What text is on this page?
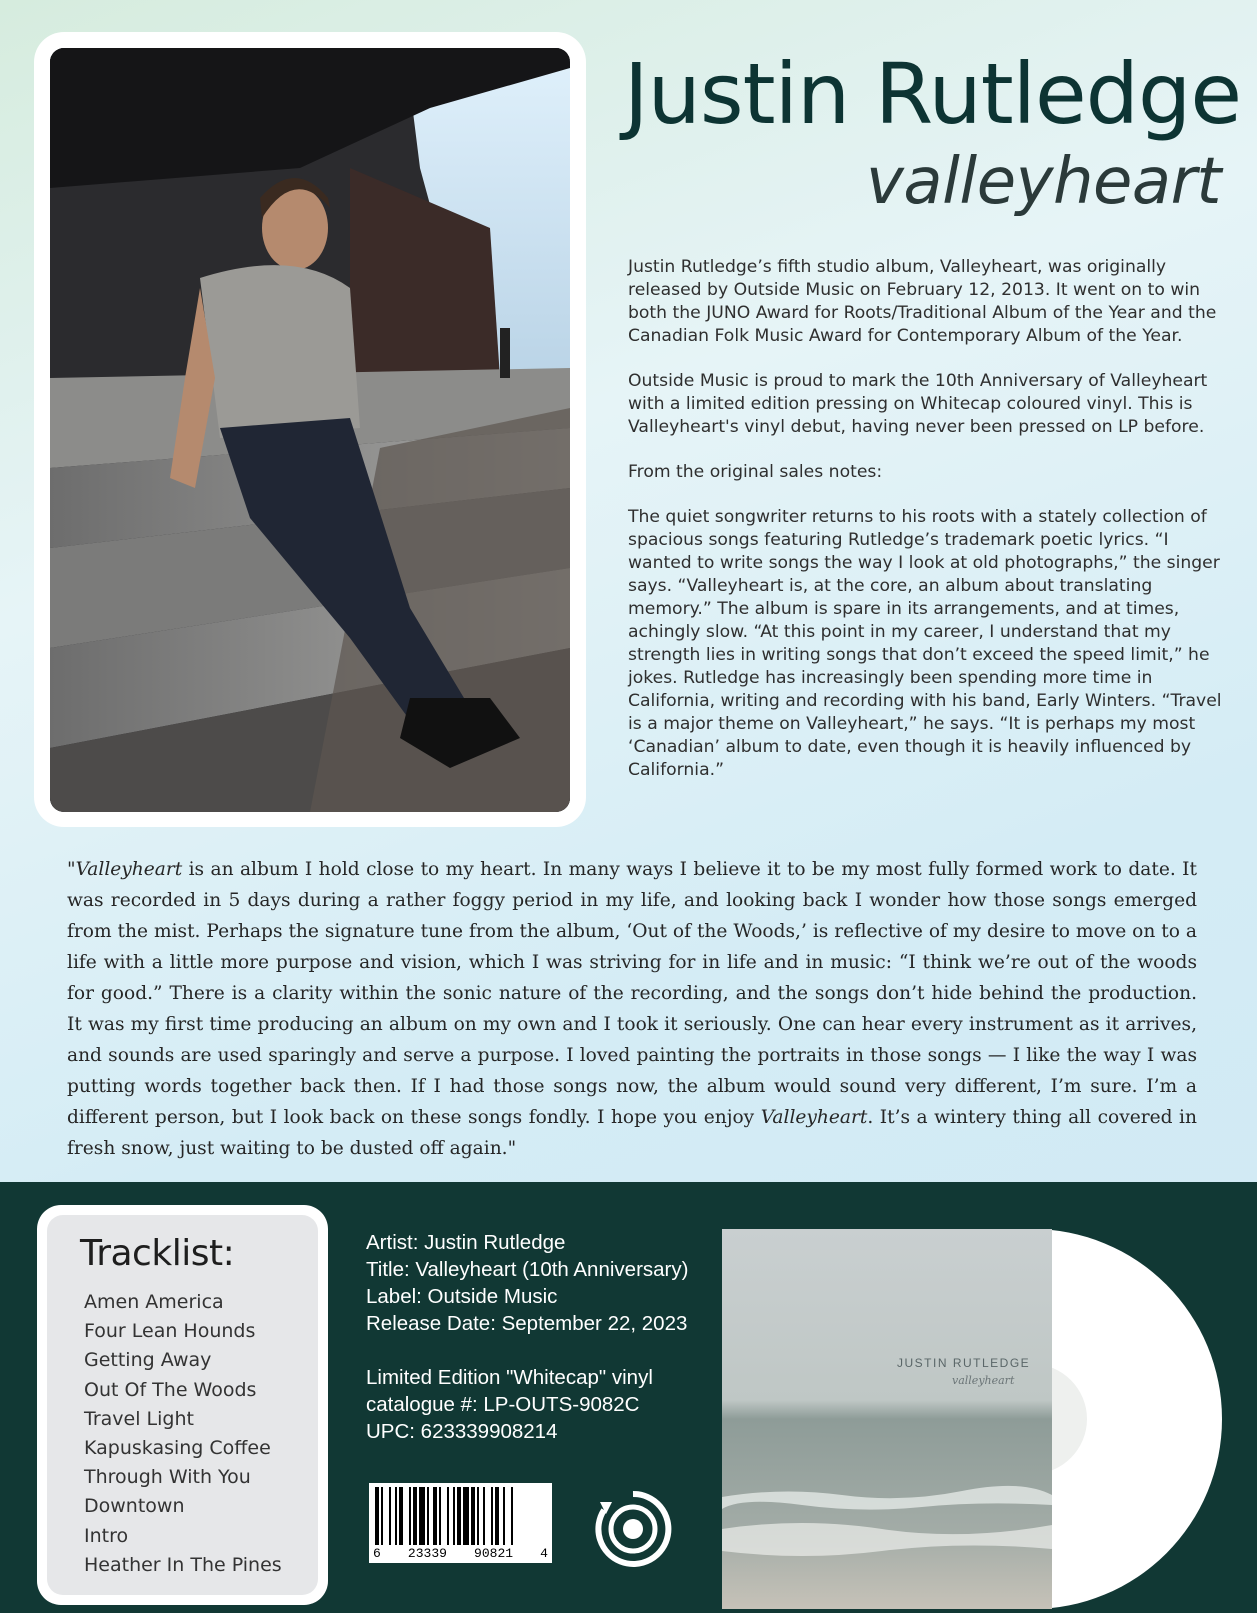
Justin Rutledge
valleyheart

Justin Rutledge’s fifth studio album, Valleyheart, was originally released by Outside Music on February 12, 2013. It went on to win both the JUNO Award for Roots/Traditional Album of the Year and the Canadian Folk Music Award for Contemporary Album of the Year.

Outside Music is proud to mark the 10th Anniversary of Valleyheart with a limited edition pressing on Whitecap coloured vinyl. This is Valleyheart's vinyl debut, having never been pressed on LP before.

From the original sales notes:

The quiet songwriter returns to his roots with a stately collection of spacious songs featuring Rutledge’s trademark poetic lyrics. “I wanted to write songs the way I look at old photographs,” the singer says. “Valleyheart is, at the core, an album about translating memory.” The album is spare in its arrangements, and at times, achingly slow. “At this point in my career, I understand that my strength lies in writing songs that don’t exceed the speed limit,” he jokes. Rutledge has increasingly been spending more time in California, writing and recording with his band, Early Winters. “Travel is a major theme on Valleyheart,” he says. “It is perhaps my most ‘Canadian’ album to date, even though it is heavily influenced by California.”

"Valleyheart is an album I hold close to my heart. In many ways I believe it to be my most fully formed work to date. It was recorded in 5 days during a rather foggy period in my life, and looking back I wonder how those songs emerged from the mist. Perhaps the signature tune from the album, ‘Out of the Woods,’ is reflective of my desire to move on to a life with a little more purpose and vision, which I was striving for in life and in music: “I think we’re out of the woods for good.” There is a clarity within the sonic nature of the recording, and the songs don’t hide behind the production. It was my first time producing an album on my own and I took it seriously. One can hear every instrument as it arrives, and sounds are used sparingly and serve a purpose. I loved painting the portraits in those songs — I like the way I was putting words together back then. If I had those songs now, the album would sound very different, I’m sure. I’m a different person, but I look back on these songs fondly. I hope you enjoy Valleyheart. It’s a wintery thing all covered in fresh snow, just waiting to be dusted off again."
Tracklist:
Amen America
Four Lean Hounds
Getting Away
Out Of The Woods
Travel Light
Kapuskasing Coffee
Through With You
Downtown
Intro
Heather In The Pines
Artist: Justin Rutledge
Title: Valleyheart (10th Anniversary)
Label: Outside Music
Release Date: September 22, 2023
Limited Edition "Whitecap" vinyl
catalogue #: LP-OUTS-9082C
UPC: 623339908214
6 23339 90821 4
JUSTIN RUTLEDGE
valleyheart
